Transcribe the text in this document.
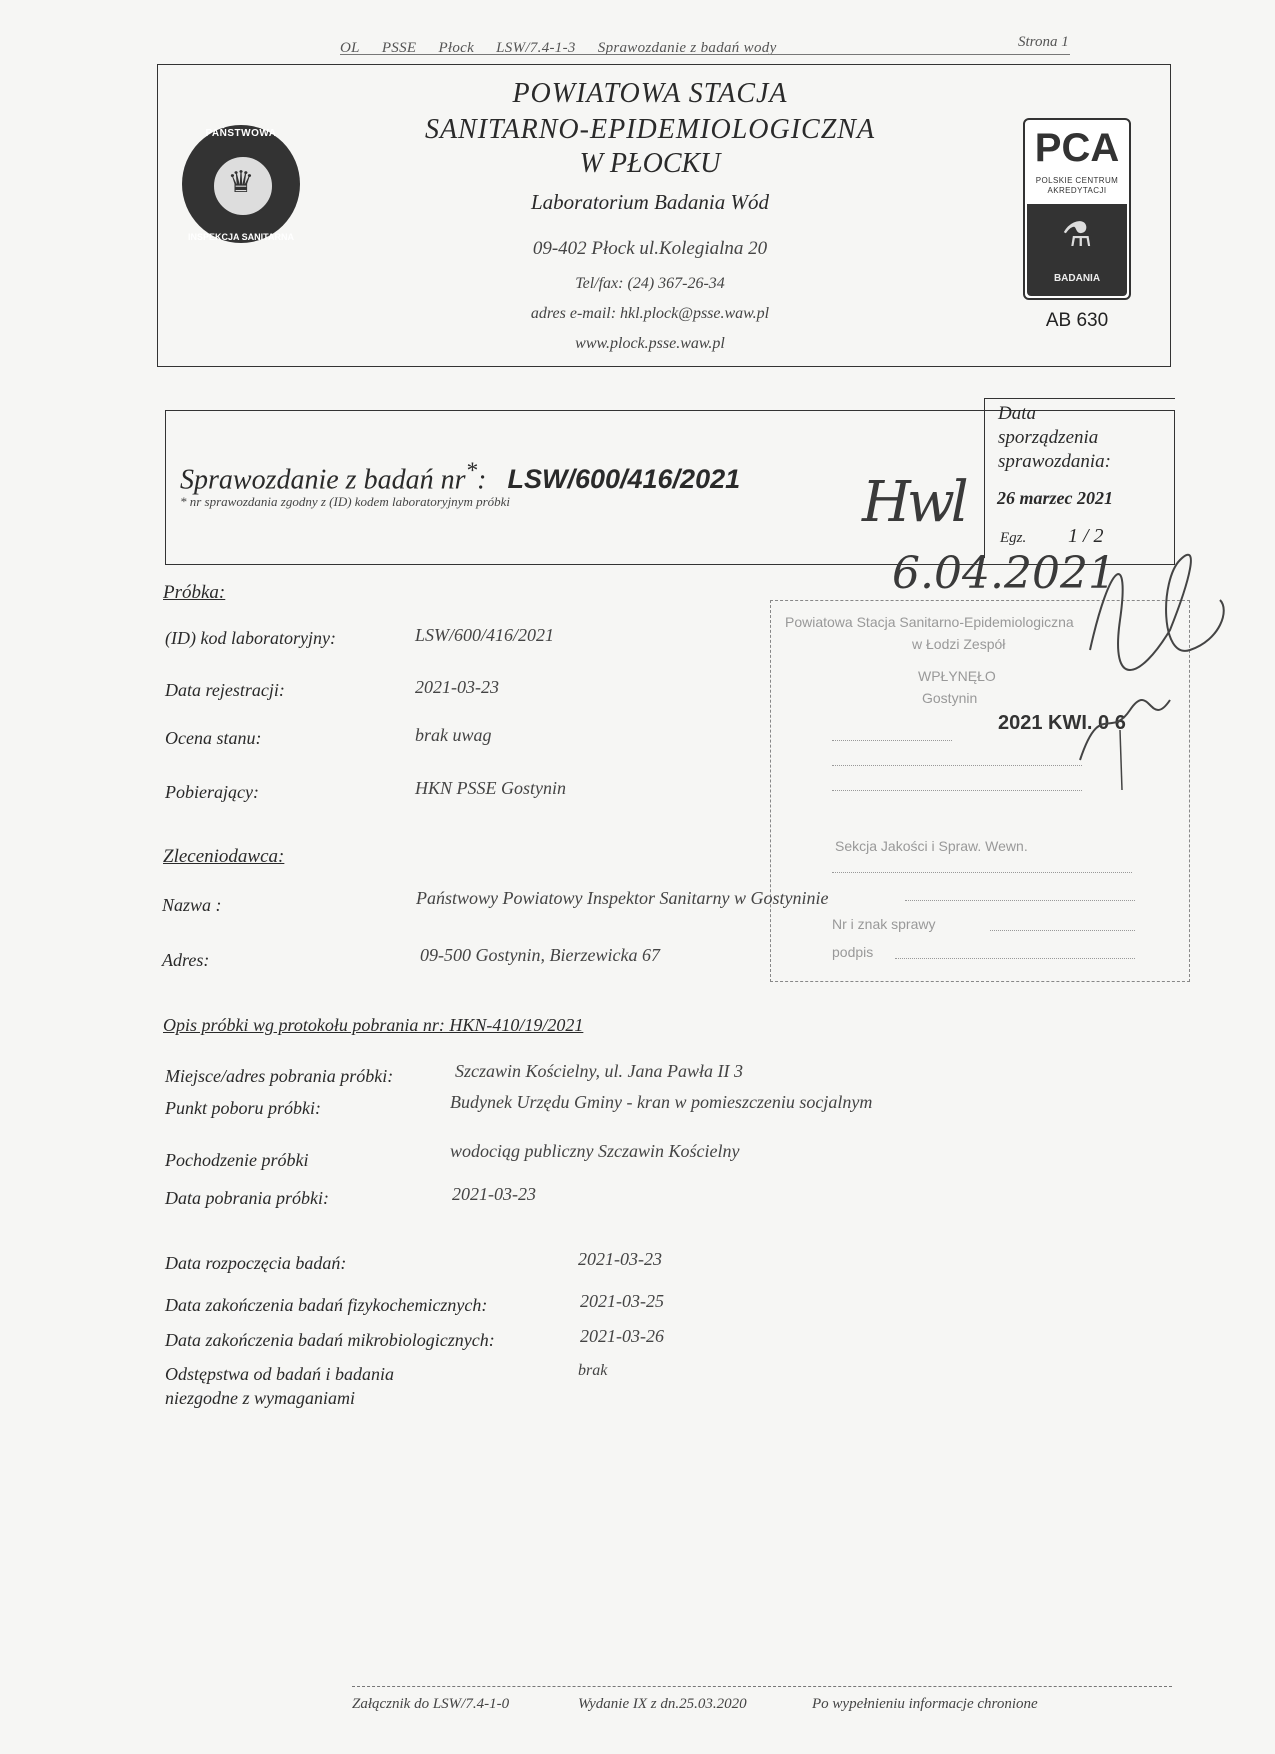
OL PSSE Płock LSW/7.4-1-3 Sprawozdanie z badań wody	Strona 1
♛
PAŃSTWOWA
INSPEKCJA SANITARNA
POWIATOWA STACJA
SANITARNO-EPIDEMIOLOGICZNA
W PŁOCKU
Laboratorium Badania Wód
09-402 Płock ul.Kolegialna 20
Tel/fax: (24) 367-26-34
adres e-mail: hkl.plock@psse.waw.pl
www.plock.psse.waw.pl
PCA
POLSKIE CENTRUM
AKREDYTACJI
⚗
BADANIA
AB 630
Sprawozdanie z badań nr*: LSW/600/416/2021
* nr sprawozdania zgodny z (ID) kodem laboratoryjnym próbki	Hwl
6.04.2021
Data
sporządzenia
sprawozdania:
26 marzec 2021
Egz. 1 / 2
Próbka:
(ID) kod laboratoryjny:	LSW/600/416/2021
Data rejestracji:	2021-03-23
Ocena stanu:	brak uwag
Pobierający:	HKN PSSE Gostynin
Zleceniodawca:
Nazwa :	Państwowy Powiatowy Inspektor Sanitarny w Gostyninie
Adres:	09-500 Gostynin, Bierzewicka 67
Powiatowa Stacja Sanitarno-Epidemiologiczna
w Łodzi Zespół
WPŁYNĘŁO
Gostynin
2021 KWI. 0 6
Sekcja Jakości i Spraw. Wewn.
Nr i znak sprawy
podpis
Opis próbki wg protokołu pobrania nr: HKN-410/19/2021
Miejsce/adres pobrania próbki:	Szczawin Kościelny, ul. Jana Pawła II 3
Punkt poboru próbki:	Budynek Urzędu Gminy - kran w pomieszczeniu socjalnym
Pochodzenie próbki	wodociąg publiczny Szczawin Kościelny
Data pobrania próbki:	2021-03-23
Data rozpoczęcia badań:	2021-03-23
Data zakończenia badań fizykochemicznych:	2021-03-25
Data zakończenia badań mikrobiologicznych:	2021-03-26
Odstępstwa od badań i badania
niezgodne z wymaganiami
brak
Załącznik do LSW/7.4-1-0	Wydanie IX z dn.25.03.2020	Po wypełnieniu informacje chronione
